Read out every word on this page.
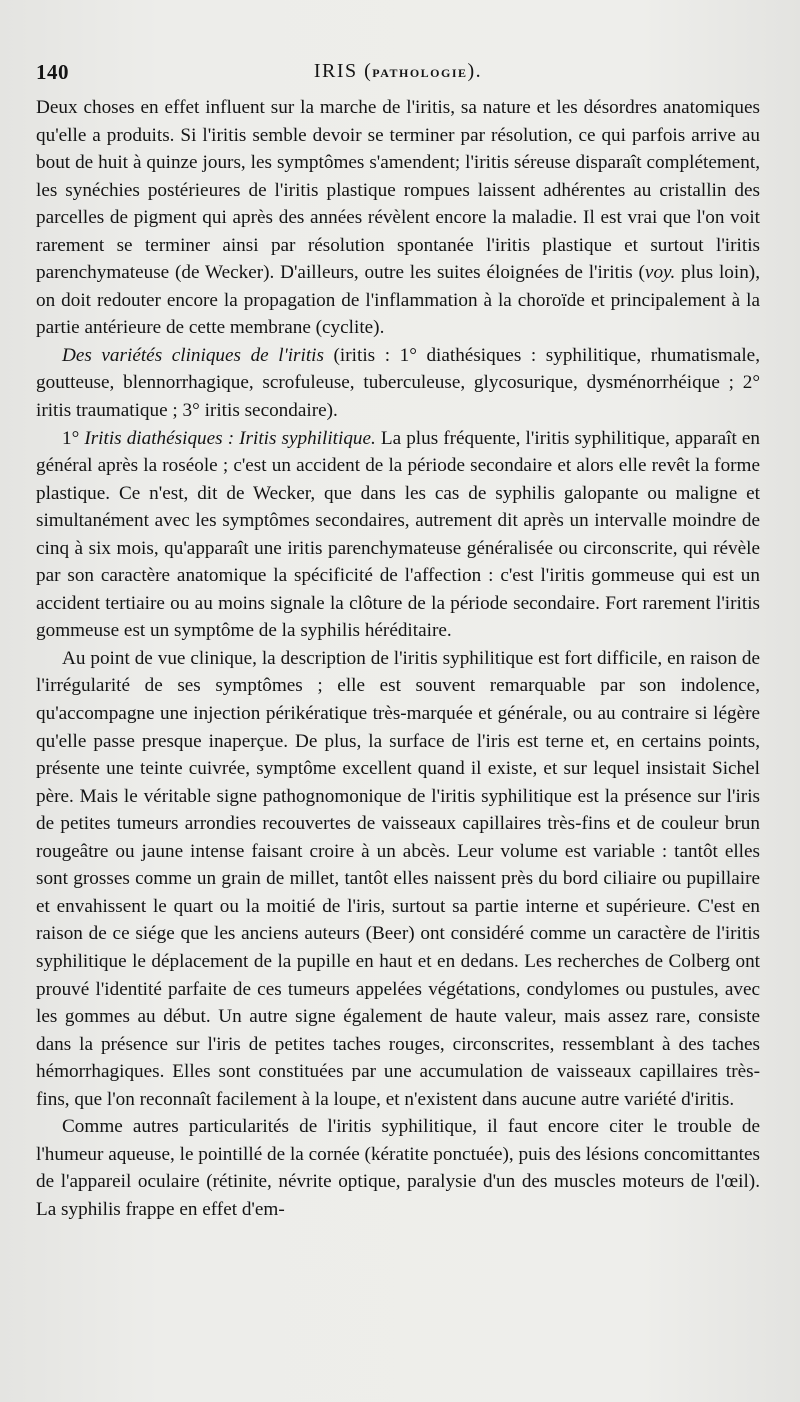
140	IRIS (PATHOLOGIE).

Deux choses en effet influent sur la marche de l'iritis, sa nature et les désordres anatomiques qu'elle a produits. Si l'iritis semble devoir se terminer par résolution, ce qui parfois arrive au bout de huit à quinze jours, les symptômes s'amendent; l'iritis séreuse disparaît complétement, les synéchies postérieures de l'iritis plastique rompues laissent adhérentes au cristallin des parcelles de pigment qui après des années révèlent encore la maladie. Il est vrai que l'on voit rarement se terminer ainsi par résolution spontanée l'iritis plastique et surtout l'iritis parenchymateuse (de Wecker). D'ailleurs, outre les suites éloignées de l'iritis (voy. plus loin), on doit redouter encore la propagation de l'inflammation à la choroïde et principalement à la partie antérieure de cette membrane (cyclite).

Des variétés cliniques de l'iritis (iritis : 1° diathésiques : syphilitique, rhumatismale, goutteuse, blennorrhagique, scrofuleuse, tuberculeuse, glycosurique, dysménorrhéique ; 2° iritis traumatique ; 3° iritis secondaire).

1° Iritis diathésiques : Iritis syphilitique. La plus fréquente, l'iritis syphilitique, apparaît en général après la roséole ; c'est un accident de la période secondaire et alors elle revêt la forme plastique. Ce n'est, dit de Wecker, que dans les cas de syphilis galopante ou maligne et simultanément avec les symptômes secondaires, autrement dit après un intervalle moindre de cinq à six mois, qu'apparaît une iritis parenchymateuse généralisée ou circonscrite, qui révèle par son caractère anatomique la spécificité de l'affection : c'est l'iritis gommeuse qui est un accident tertiaire ou au moins signale la clôture de la période secondaire. Fort rarement l'iritis gommeuse est un symptôme de la syphilis héréditaire.

Au point de vue clinique, la description de l'iritis syphilitique est fort difficile, en raison de l'irrégularité de ses symptômes ; elle est souvent remarquable par son indolence, qu'accompagne une injection périkératique très-marquée et générale, ou au contraire si légère qu'elle passe presque inaperçue. De plus, la surface de l'iris est terne et, en certains points, présente une teinte cuivrée, symptôme excellent quand il existe, et sur lequel insistait Sichel père. Mais le véritable signe pathognomonique de l'iritis syphilitique est la présence sur l'iris de petites tumeurs arrondies recouvertes de vaisseaux capillaires très-fins et de couleur brun rougeâtre ou jaune intense faisant croire à un abcès. Leur volume est variable : tantôt elles sont grosses comme un grain de millet, tantôt elles naissent près du bord ciliaire ou pupillaire et envahissent le quart ou la moitié de l'iris, surtout sa partie interne et supérieure. C'est en raison de ce siége que les anciens auteurs (Beer) ont considéré comme un caractère de l'iritis syphilitique le déplacement de la pupille en haut et en dedans. Les recherches de Colberg ont prouvé l'identité parfaite de ces tumeurs appelées végétations, condylomes ou pustules, avec les gommes au début. Un autre signe également de haute valeur, mais assez rare, consiste dans la présence sur l'iris de petites taches rouges, circonscrites, ressemblant à des taches hémorrhagiques. Elles sont constituées par une accumulation de vaisseaux capillaires très-fins, que l'on reconnaît facilement à la loupe, et n'existent dans aucune autre variété d'iritis.

Comme autres particularités de l'iritis syphilitique, il faut encore citer le trouble de l'humeur aqueuse, le pointillé de la cornée (kératite ponctuée), puis des lésions concomittantes de l'appareil oculaire (rétinite, névrite optique, paralysie d'un des muscles moteurs de l'œil). La syphilis frappe en effet d'em-
